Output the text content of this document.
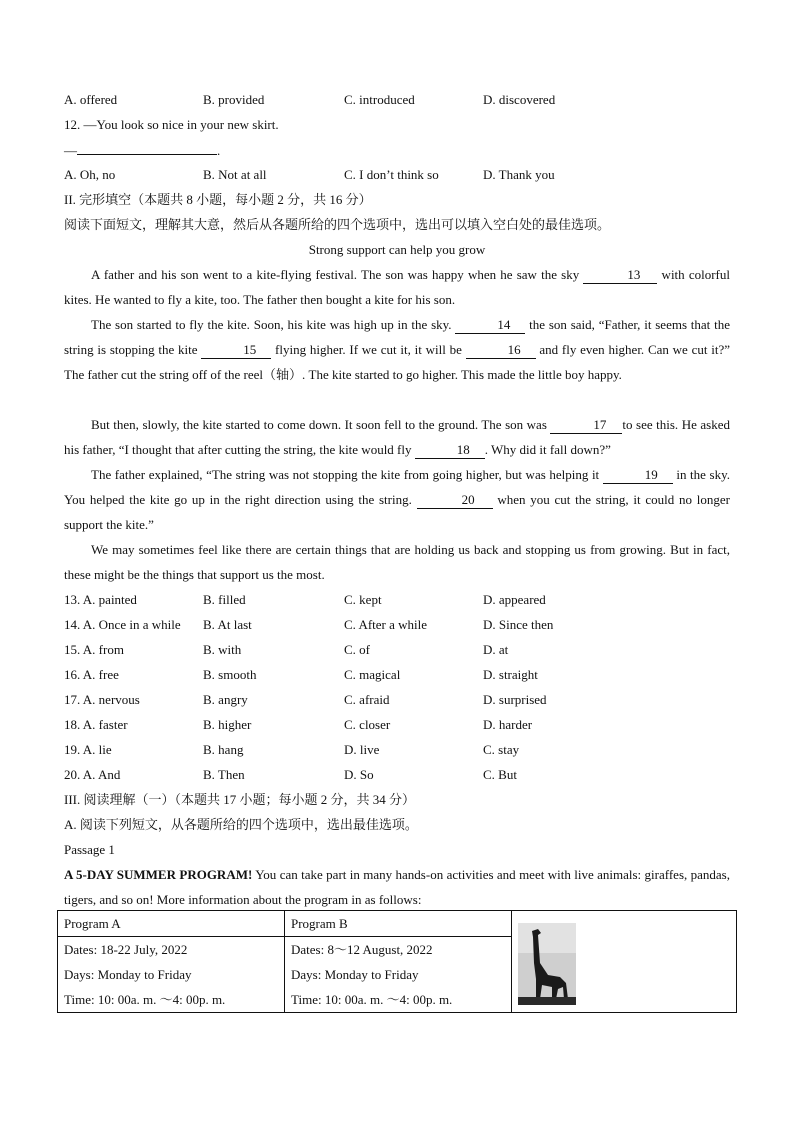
A. offered	B. provided	C. introduced	D. discovered
12. —You look so nice in your new skirt.
—	.
A. Oh, no	B. Not at all	C. I don’t think so	D. Thank you
II. 完形填空（本题共 8 小题，每小题 2 分，共 16 分）
阅读下面短文，理解其大意，然后从各题所给的四个选项中，选出可以填入空白处的最佳选项。
Strong support can help you grow
A father and his son went to a kite-flying festival. The son was happy when he saw the sky	13 with colorful kites. He wanted to fly a kite, too. The father then bought a kite for his son.
The son started to fly the kite. Soon, his kite was high up in the sky.	14 the son said, “Father, it seems that the string is stopping the kite	15 flying higher. If we cut it, it will be	16 and fly even higher. Can we cut it?” The father cut the string off of the reel（轴）. The kite started to go higher. This made the little boy happy.
But then, slowly, the kite started to come down. It soon fell to the ground. The son was	17 to see this. He asked his father, “I thought that after cutting the string, the kite would fly	18 . Why did it fall down?”
The father explained, “The string was not stopping the kite from going higher, but was helping it	19 in the sky. You helped the kite go up in the right direction using the string.	20 when you cut the string, it could no longer support the kite.”
We may sometimes feel like there are certain things that are holding us back and stopping us from growing. But in fact, these might be the things that support us the most.
13. A. painted	B. filled	C. kept	D. appeared
14. A. Once in a while B. At last	C. After a while	D. Since then
15. A. from	B. with	C. of	D. at
16. A. free	B. smooth	C. magical	D. straight
17. A. nervous	B. angry	C. afraid	D. surprised
18. A. faster	B. higher	C. closer	D. harder
19. A. lie	B. hang	D. live	C. stay
20. A. And	B. Then	D. So	C. But
III. 阅读理解（一）（本题共 17 小题；每小题 2 分，共 34 分）
A. 阅读下列短文，从各题所给的四个选项中，选出最佳选项。
Passage 1
A 5-DAY SUMMER PROGRAM! You can take part in many hands-on activities and meet with live animals: giraffes, pandas, tigers, and so on! More information about the program in as follows:
Program A
Dates: 18-22 July, 2022
Days: Monday to Friday
Time: 10: 00a. m. ～4: 00p. m.

Program B
Dates: 8～12 August, 2022
Days: Monday to Friday
Time: 10: 00a. m. ～4: 00p. m.
